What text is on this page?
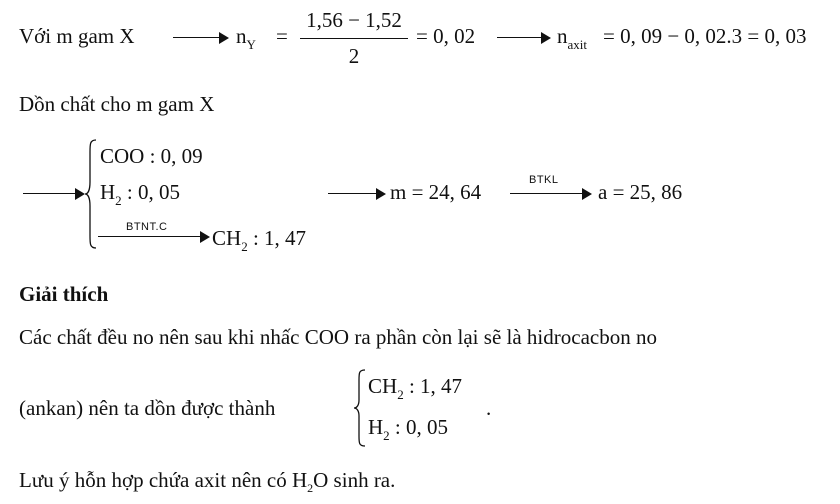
Với m gam X	$n_Y$ =
1,56 − 1,52
2
= 0, 02	$n_{axit} = 0$, 09 − 0, 02.3 = 0, 03
Dồn chất cho m gam X
COO : 0, 09
$H_2$ : 0, 05
BTNT.C $CH_2$ : 1, 47
m = 24, 64	BTKL a = 25, 86
Giải thích
Các chất đều no nên sau khi nhấc COO ra phần còn lại sẽ là hidrocacbon no
(ankan) nên ta dồn được thành
$CH_2$ : 1, 47
$H_2$ : 0, 05
.
Lưu ý hỗn hợp chứa axit nên có $H_2O$ sinh ra.
